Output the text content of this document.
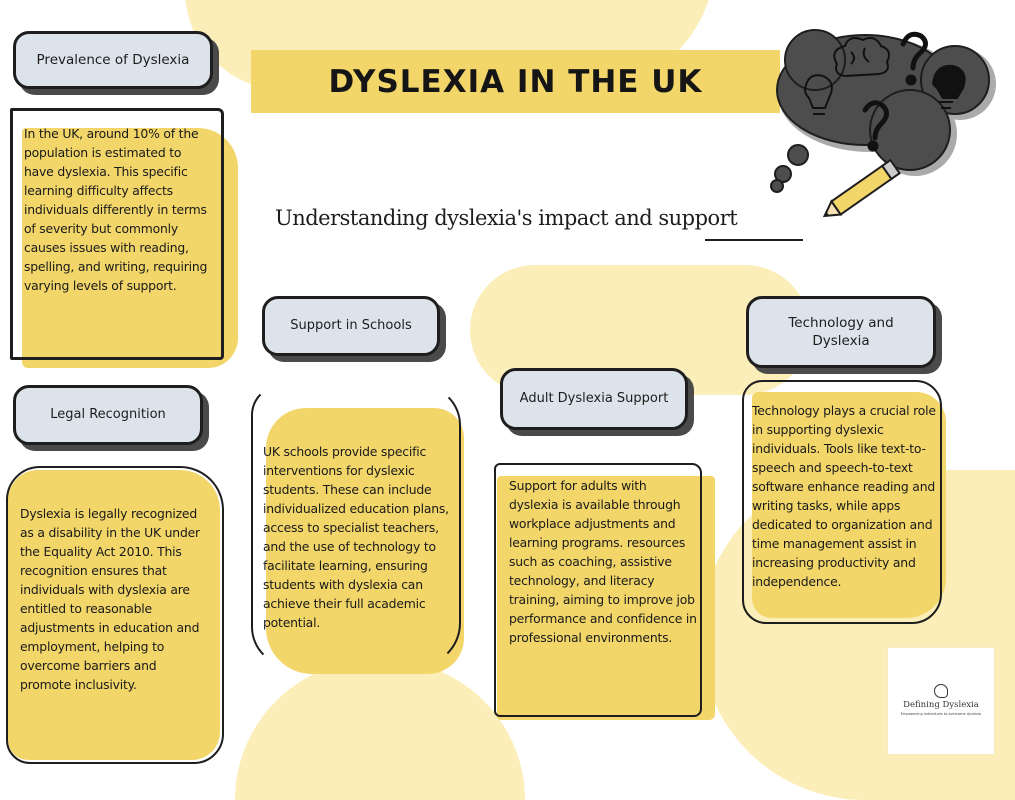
DYSLEXIA IN THE UK
Understanding dyslexia's impact and support
Prevalence of Dyslexia
In the UK, around 10% of the population is estimated to have dyslexia. This specific learning difficulty affects individuals differently in terms of severity but commonly causes issues with reading, spelling, and writing, requiring varying levels of support.
Legal Recognition
Dyslexia is legally recognized as a disability in the UK under the Equality Act 2010. This recognition ensures that individuals with dyslexia are entitled to reasonable adjustments in education and employment, helping to overcome barriers and promote inclusivity.
Support in Schools
UK schools provide specific interventions for dyslexic students. These can include individualized education plans, access to specialist teachers, and the use of technology to facilitate learning, ensuring students with dyslexia can achieve their full academic potential.
Adult Dyslexia Support
Support for adults with dyslexia is available through workplace adjustments and learning programs. resources such as coaching, assistive technology, and literacy training, aiming to improve job performance and confidence in professional environments.
Technology and Dyslexia
Technology plays a crucial role in supporting dyslexic individuals. Tools like text-to-speech and speech-to-text software enhance reading and writing tasks, while apps dedicated to organization and time management assist in increasing productivity and independence.
Defining Dyslexia
Empowering individuals to overcome dyslexia
